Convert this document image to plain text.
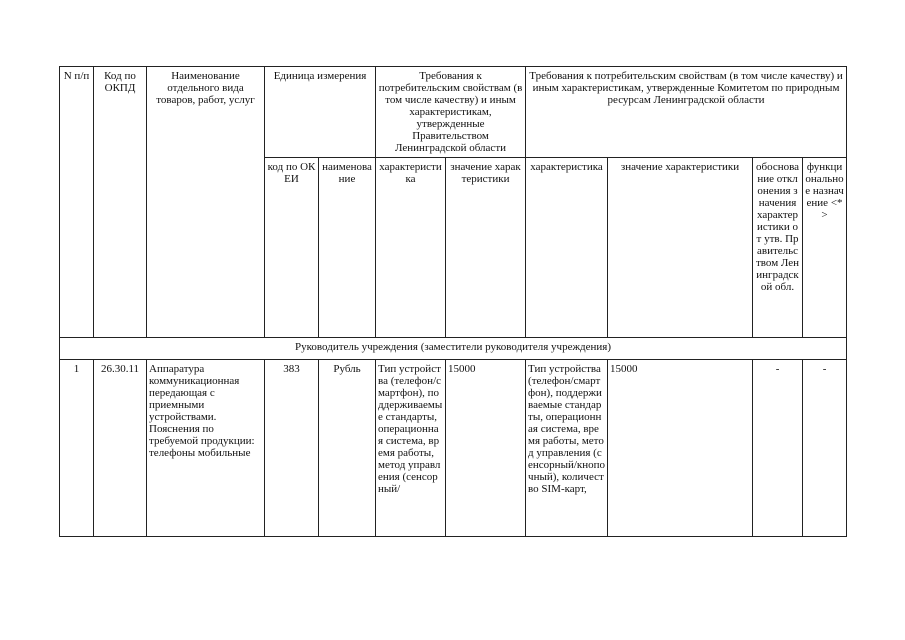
N п/п	Код по ОКПД	Наименование отдельного вида товаров, работ, услуг	Единица измерения		Требования к потребительским свойствам (в том числе качеству) и иным характеристикам, утвержденные Правительством Ленинградской области		Требования к потребительским свойствам (в том числе качеству) и иным характеристикам, утвержденные Комитетом по природным ресурсам Ленинградской области			
			код по ОКЕИ	наименование	характеристика	значение характеристики	характеристика	значение характеристики	обоснование отклонения значения характеристики от утв. Правительством Ленинградской обл.	функциональное назначение <*>
Руководитель учреждения (заместители руководителя учреждения)										
1	26.30.11	Аппаратура коммуникационная передающая с приемными устройствами. Пояснения по требуемой продукции: телефоны мобильные	383	Рубль	Тип устройства (телефон/смартфон), поддерживаемые стандарты, операционная система, время работы, метод управления (сенсорный/	15000	Тип устройства (телефон/смартфон), поддерживаемые стандарты, операционная система, время работы, метод управления (сенсорный/кнопочный), количество SIM-карт,	15000	-	-
